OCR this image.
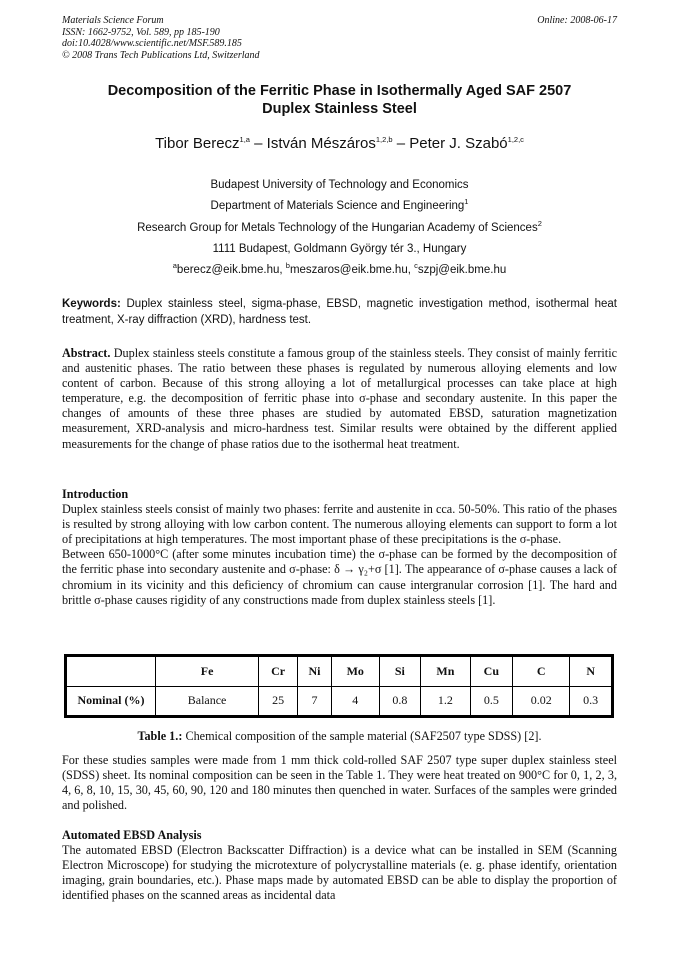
Materials Science Forum
ISSN: 1662-9752, Vol. 589, pp 185-190
doi:10.4028/www.scientific.net/MSF.589.185
© 2008 Trans Tech Publications Ltd, Switzerland
Online: 2008-06-17
Decomposition of the Ferritic Phase in Isothermally Aged SAF 2507
Duplex Stainless Steel
Tibor Berecz$^{1,a}$ – István Mészáros$^{1,2,b}$ – Peter J. Szabó$^{1,2,c}$
Budapest University of Technology and Economics
Department of Materials Science and Engineering$^1$
Research Group for Metals Technology of the Hungarian Academy of Sciences$^2$
1111 Budapest, Goldmann György tér 3., Hungary
$^a$berecz@eik.bme.hu, $^b$meszaros@eik.bme.hu, $^c$szpj@eik.bme.hu
Keywords: Duplex stainless steel, sigma-phase, EBSD, magnetic investigation method, isothermal heat treatment, X-ray diffraction (XRD), hardness test.
Abstract. Duplex stainless steels constitute a famous group of the stainless steels. They consist of mainly ferritic and austenitic phases. The ratio between these phases is regulated by numerous alloying elements and low content of carbon. Because of this strong alloying a lot of metallurgical processes can take place at high temperature, e.g. the decomposition of ferritic phase into σ-phase and secondary austenite. In this paper the changes of amounts of these three phases are studied by automated EBSD, saturation magnetization measurement, XRD-analysis and micro-hardness test. Similar results were obtained by the different applied measurements for the change of phase ratios due to the isothermal heat treatment.
Introduction
Duplex stainless steels consist of mainly two phases: ferrite and austenite in cca. 50-50%. This ratio of the phases is resulted by strong alloying with low carbon content. The numerous alloying elements can support to form a lot of precipitations at high temperatures. The most important phase of these precipitations is the σ-phase.
Between 650-1000°C (after some minutes incubation time) the σ-phase can be formed by the decomposition of the ferritic phase into secondary austenite and σ-phase: δ → γ₂+σ [1]. The appearance of σ-phase causes a lack of chromium in its vicinity and this deficiency of chromium can cause intergranular corrosion [1]. The hard and brittle σ-phase causes rigidity of any constructions made from duplex stainless steels [1].
	Fe	Cr	Ni	Mo	Si	Mn	Cu	C	N
Nominal (%)	Balance	25	7	4	0.8	1.2	0.5	0.02	0.3
Table 1.: Chemical composition of the sample material (SAF2507 type SDSS) [2].
For these studies samples were made from 1 mm thick cold-rolled SAF 2507 type super duplex stainless steel (SDSS) sheet. Its nominal composition can be seen in the Table 1. They were heat treated on 900°C for 0, 1, 2, 3, 4, 6, 8, 10, 15, 30, 45, 60, 90, 120 and 180 minutes then quenched in water. Surfaces of the samples were grinded and polished.
Automated EBSD Analysis
The automated EBSD (Electron Backscatter Diffraction) is a device what can be installed in SEM (Scanning Electron Microscope) for studying the microtexture of polycrystalline materials (e. g. phase identify, orientation imaging, grain boundaries, etc.). Phase maps made by automated EBSD can be able to display the proportion of identified phases on the scanned areas as incidental data
